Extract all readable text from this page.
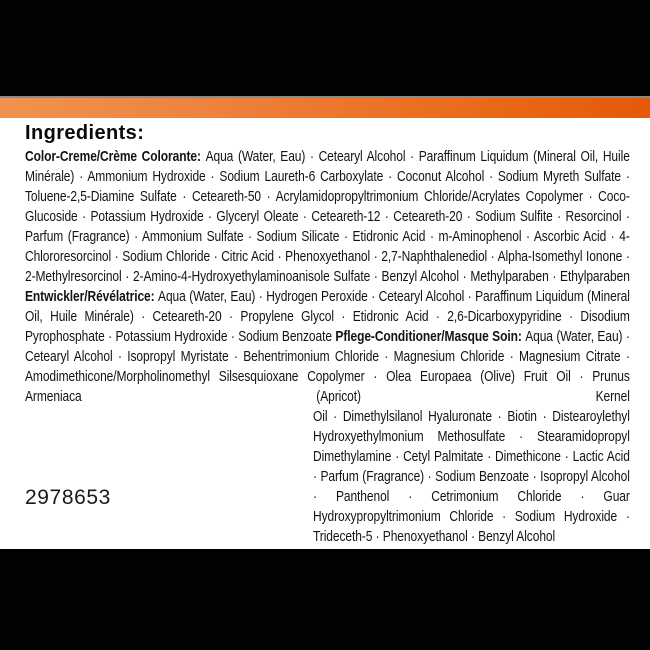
Ingredients:

Color-Creme/Crème Colorante: Aqua (Water, Eau) · Cetearyl Alcohol · Paraffinum Liquidum (Mineral Oil, Huile Minérale) · Ammonium Hydroxide · Sodium Laureth-6 Carboxylate · Coconut Alcohol · Sodium Myreth Sulfate · Toluene-2,5-Diamine Sulfate · Ceteareth-50 · Acrylamidopropyltrimonium Chloride/Acrylates Copolymer · Coco-Glucoside · Potassium Hydroxide · Glyceryl Oleate · Ceteareth-12 · Ceteareth-20 · Sodium Sulfite · Resorcinol · Parfum (Fragrance) · Ammonium Sulfate · Sodium Silicate · Etidronic Acid · m-Aminophenol · Ascorbic Acid · 4-Chlororesorcinol · Sodium Chloride · Citric Acid · Phenoxyethanol · 2,7-Naphthalenediol · Alpha-Isomethyl Ionone · 2-Methylresorcinol · 2-Amino-4-Hydroxyethylaminoanisole Sulfate · Benzyl Alcohol · Methylparaben · Ethylparaben Entwickler/Révélatrice: Aqua (Water, Eau) · Hydrogen Peroxide · Cetearyl Alcohol · Paraffinum Liquidum (Mineral Oil, Huile Minérale) · Ceteareth-20 · Propylene Glycol · Etidronic Acid · 2,6-Dicarboxypyridine · Disodium Pyrophosphate · Potassium Hydroxide · Sodium Benzoate Pflege-Conditioner/Masque Soin: Aqua (Water, Eau) · Cetearyl Alcohol · Isopropyl Myristate · Behentrimonium Chloride · Magnesium Chloride · Magnesium Citrate · Amodimethicone/Morpholinomethyl Silsesquioxane Copolymer · Olea Europaea (Olive) Fruit Oil · Prunus Armeniaca (Apricot) Kernel

Oil · Dimethylsilanol Hyaluronate · Biotin · Distearoylethyl Hydroxyethylmonium Methosulfate · Stearamidopropyl Dimethylamine · Cetyl Palmitate · Dimethicone · Lactic Acid · Parfum (Fragrance) · Sodium Benzoate · Isopropyl Alcohol · Panthenol · Cetrimonium Chloride · Guar Hydroxypropyltrimonium Chloride · Sodium Hydroxide · Trideceth-5 · Phenoxyethanol · Benzyl Alcohol

2978653
